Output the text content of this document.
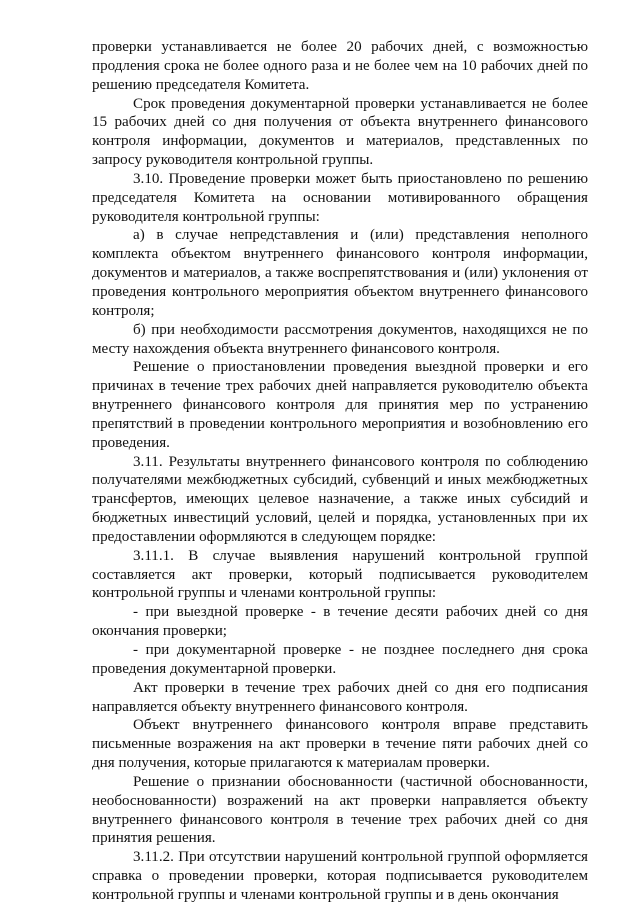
проверки устанавливается не более 20 рабочих дней, с возможностью продления срока не более одного раза и не более чем на 10 рабочих дней по решению председателя Комитета.

Срок проведения документарной проверки устанавливается не более 15 рабочих дней со дня получения от объекта внутреннего финансового контроля информации, документов и материалов, представленных по запросу руководителя контрольной группы.

3.10. Проведение проверки может быть приостановлено по решению председателя Комитета на основании мотивированного обращения руководителя контрольной группы:

а) в случае непредставления и (или) представления неполного комплекта объектом внутреннего финансового контроля информации, документов и материалов, а также воспрепятствования и (или) уклонения от проведения контрольного мероприятия объектом внутреннего финансового контроля;

б) при необходимости рассмотрения документов, находящихся не по месту нахождения объекта внутреннего финансового контроля.

Решение о приостановлении проведения выездной проверки и его причинах в течение трех рабочих дней направляется руководителю объекта внутреннего финансового контроля для принятия мер по устранению препятствий в проведении контрольного мероприятия и возобновлению его проведения.

3.11. Результаты внутреннего финансового контроля по соблюдению получателями межбюджетных субсидий, субвенций и иных межбюджетных трансфертов, имеющих целевое назначение, а также иных субсидий и бюджетных инвестиций условий, целей и порядка, установленных при их предоставлении оформляются в следующем порядке:

3.11.1. В случае выявления нарушений контрольной группой составляется акт проверки, который подписывается руководителем контрольной группы и членами контрольной группы:

- при выездной проверке - в течение десяти рабочих дней со дня окончания проверки;

- при документарной проверке - не позднее последнего дня срока проведения документарной проверки.

Акт проверки в течение трех рабочих дней со дня его подписания направляется объекту внутреннего финансового контроля.

Объект внутреннего финансового контроля вправе представить письменные возражения на акт проверки в течение пяти рабочих дней со дня получения, которые прилагаются к материалам проверки.

Решение о признании обоснованности (частичной обоснованности, необоснованности) возражений на акт проверки направляется объекту внутреннего финансового контроля в течение трех рабочих дней со дня принятия решения.

3.11.2. При отсутствии нарушений контрольной группой оформляется справка о проведении проверки, которая подписывается руководителем контрольной группы и членами контрольной группы и в день окончания
